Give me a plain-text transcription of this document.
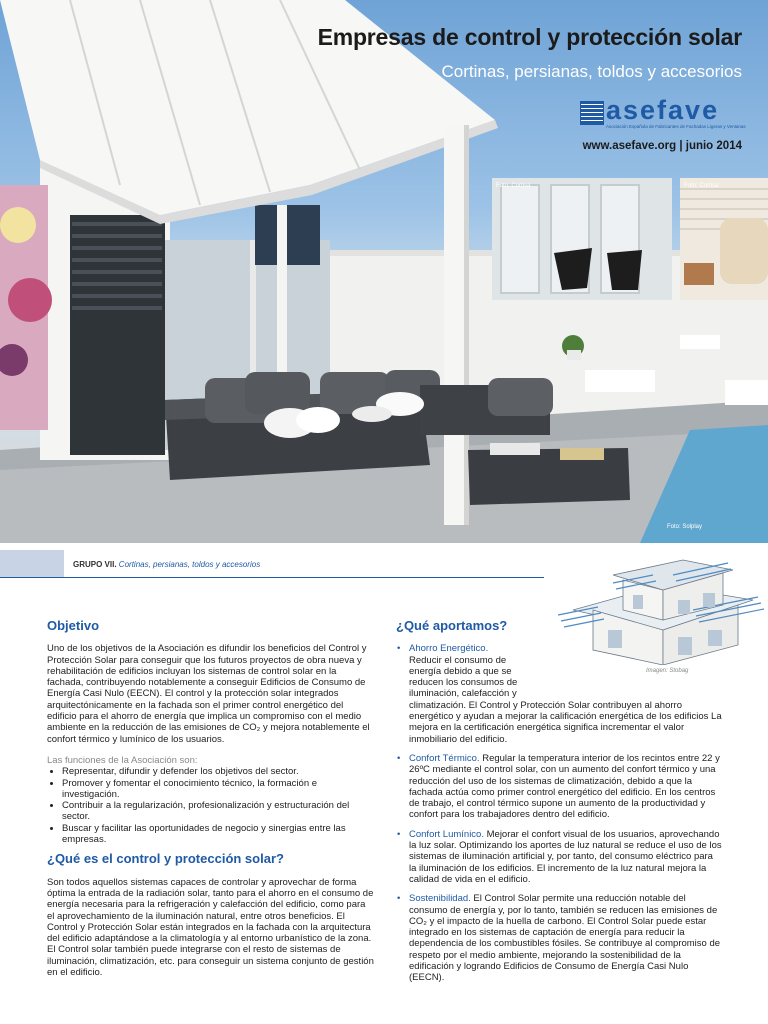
Empresas de control y protección solar
Cortinas, persianas, toldos y accesorios
asefave
Asociación Española de Fabricantes de Fachadas Ligeras y Ventanas
www.asefave.org | junio 2014
Foto: Cortisa	Foto: Cortisa
Foto: Solplay
GRUPO VII. Cortinas, persianas, toldos y accesorios
Imagen: Stobag
Objetivo

Uno de los objetivos de la Asociación es difundir los beneficios del Control y Protección Solar para conseguir que los futuros proyectos de obra nueva y rehabilitación de edificios incluyan los sistemas de control solar en la fachada, contribuyendo notablemente a conseguir Edificios de Consumo de Energía Casi Nulo (EECN). El control y la protección solar integrados arquitectónicamente en la fachada son el primer control energético del edificio para el ahorro de energía que implica un compromiso con el medio ambiente en la reducción de las emisiones de CO₂ y mejora notablemente el confort térmico y lumínico de los usuarios.

Las funciones de la Asociación son:

• Representar, difundir y defender los objetivos del sector.
• Promover y fomentar el conocimiento técnico, la formación e investigación.
• Contribuir a la regularización, profesionalización y estructuración del sector.
• Buscar y facilitar las oportunidades de negocio y sinergias entre las empresas.
¿Qué es el control y protección solar?

Son todos aquellos sistemas capaces de controlar y aprovechar de forma óptima la entrada de la radiación solar, tanto para el ahorro en el consumo de energía necesaria para la refrigeración y calefacción del edificio, como para el aprovechamiento de la iluminación natural, entre otros beneficios. El Control y Protección Solar están integrados en la fachada con la arquitectura del edificio adaptándose a la climatología y al entorno urbanístico de la zona. El Control solar también puede integrarse con el resto de sistemas de iluminación, climatización, etc. para conseguir un sistema conjunto de gestión en el edificio.

¿Qué aportamos?
• Ahorro Energético. Reducir el consumo de energía debido a que se reducen los consumos de iluminación, calefacción y climatización. El Control y Protección Solar contribuyen al ahorro energético y ayudan a mejorar la calificación energética de los edificios La mejora en la certificación energética significa incrementar el valor inmobiliario del edificio.
• Confort Térmico. Regular la temperatura interior de los recintos entre 22 y 26ºC mediante el control solar, con un aumento del confort térmico y una reducción del uso de los sistemas de climatización, debido a que la fachada actúa como primer control energético del edificio. En los centros de trabajo, el control térmico supone un aumento de la productividad y confort para los trabajadores dentro del edificio.
• Confort Lumínico. Mejorar el confort visual de los usuarios, aprovechando la luz solar. Optimizando los aportes de luz natural se reduce el uso de los sistemas de iluminación artificial y, por tanto, del consumo eléctrico para la iluminación de los edificios. El incremento de la luz natural mejora la calidad de vida en el edificio.
• Sostenibilidad. El Control Solar permite una reducción notable del consumo de energía y, por lo tanto, también se reducen las emisiones de CO₂ y el impacto de la huella de carbono. El Control Solar puede estar integrado en los sistemas de captación de energía para reducir la dependencia de los combustibles fósiles. Se contribuye al compromiso de respeto por el medio ambiente, mejorando la sostenibilidad de la edificación y logrando Edificios de Consumo de Energía Casi Nulo (EECN).
